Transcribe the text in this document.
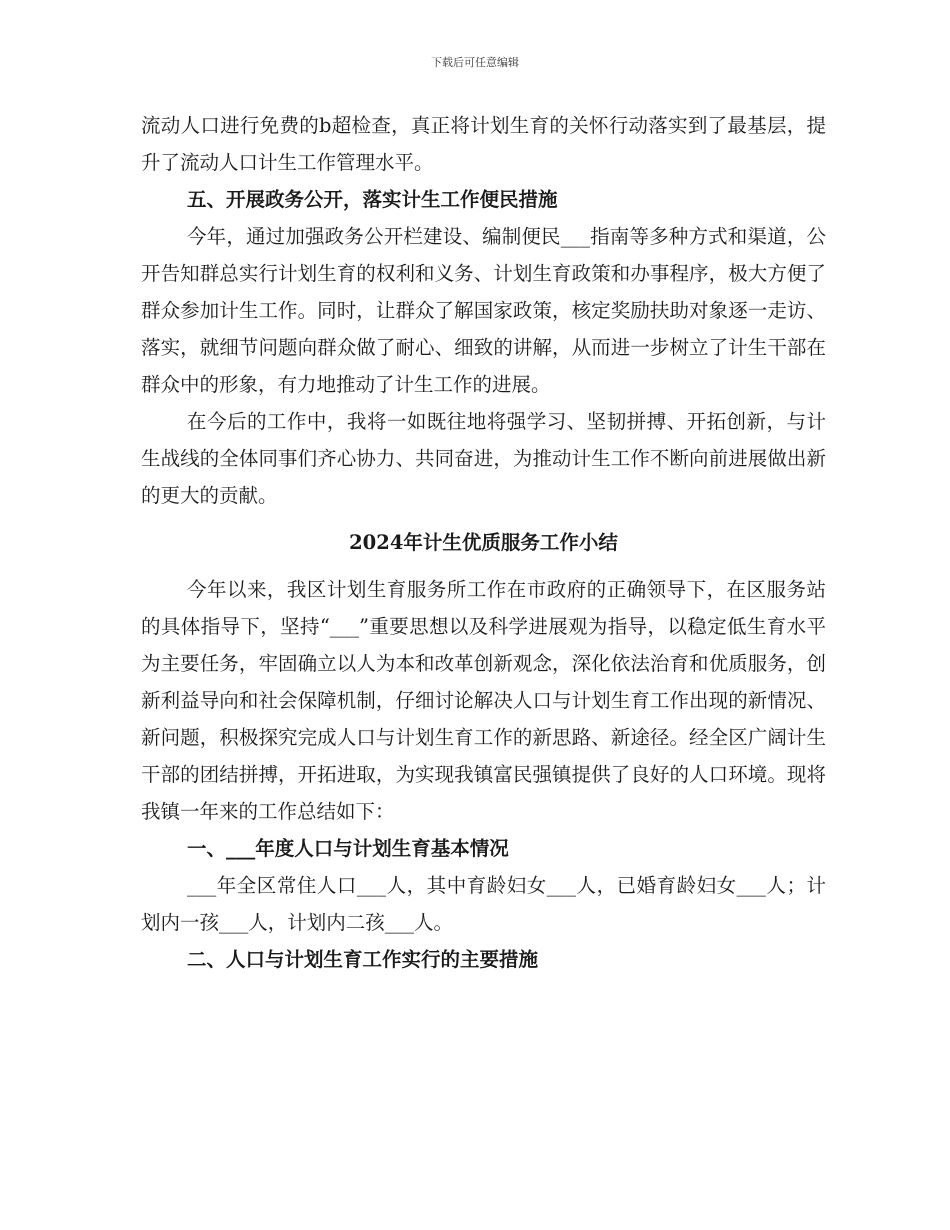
下载后可任意编辑

流动人口进行免费的b超检查，真正将计划生育的关怀行动落实到了最基层，提升了流动人口计生工作管理水平。

五、开展政务公开，落实计生工作便民措施

今年，通过加强政务公开栏建设、编制便民___指南等多种方式和渠道，公开告知群总实行计划生育的权利和义务、计划生育政策和办事程序，极大方便了群众参加计生工作。同时，让群众了解国家政策，核定奖励扶助对象逐一走访、落实，就细节问题向群众做了耐心、细致的讲解，从而进一步树立了计生干部在群众中的形象，有力地推动了计生工作的进展。

在今后的工作中，我将一如既往地将强学习、坚韧拼搏、开拓创新，与计生战线的全体同事们齐心协力、共同奋进，为推动计生工作不断向前进展做出新的更大的贡献。

2024年计生优质服务工作小结

今年以来，我区计划生育服务所工作在市政府的正确领导下，在区服务站的具体指导下，坚持“___”重要思想以及科学进展观为指导，以稳定低生育水平为主要任务，牢固确立以人为本和改革创新观念，深化依法治育和优质服务，创新利益导向和社会保障机制，仔细讨论解决人口与计划生育工作出现的新情况、新问题，积极探究完成人口与计划生育工作的新思路、新途径。经全区广阔计生干部的团结拼搏，开拓进取，为实现我镇富民强镇提供了良好的人口环境。现将我镇一年来的工作总结如下：

一、___年度人口与计划生育基本情况

___年全区常住人口___人，其中育龄妇女___人，已婚育龄妇女___人；计划内一孩___人，计划内二孩___人。

二、人口与计划生育工作实行的主要措施
